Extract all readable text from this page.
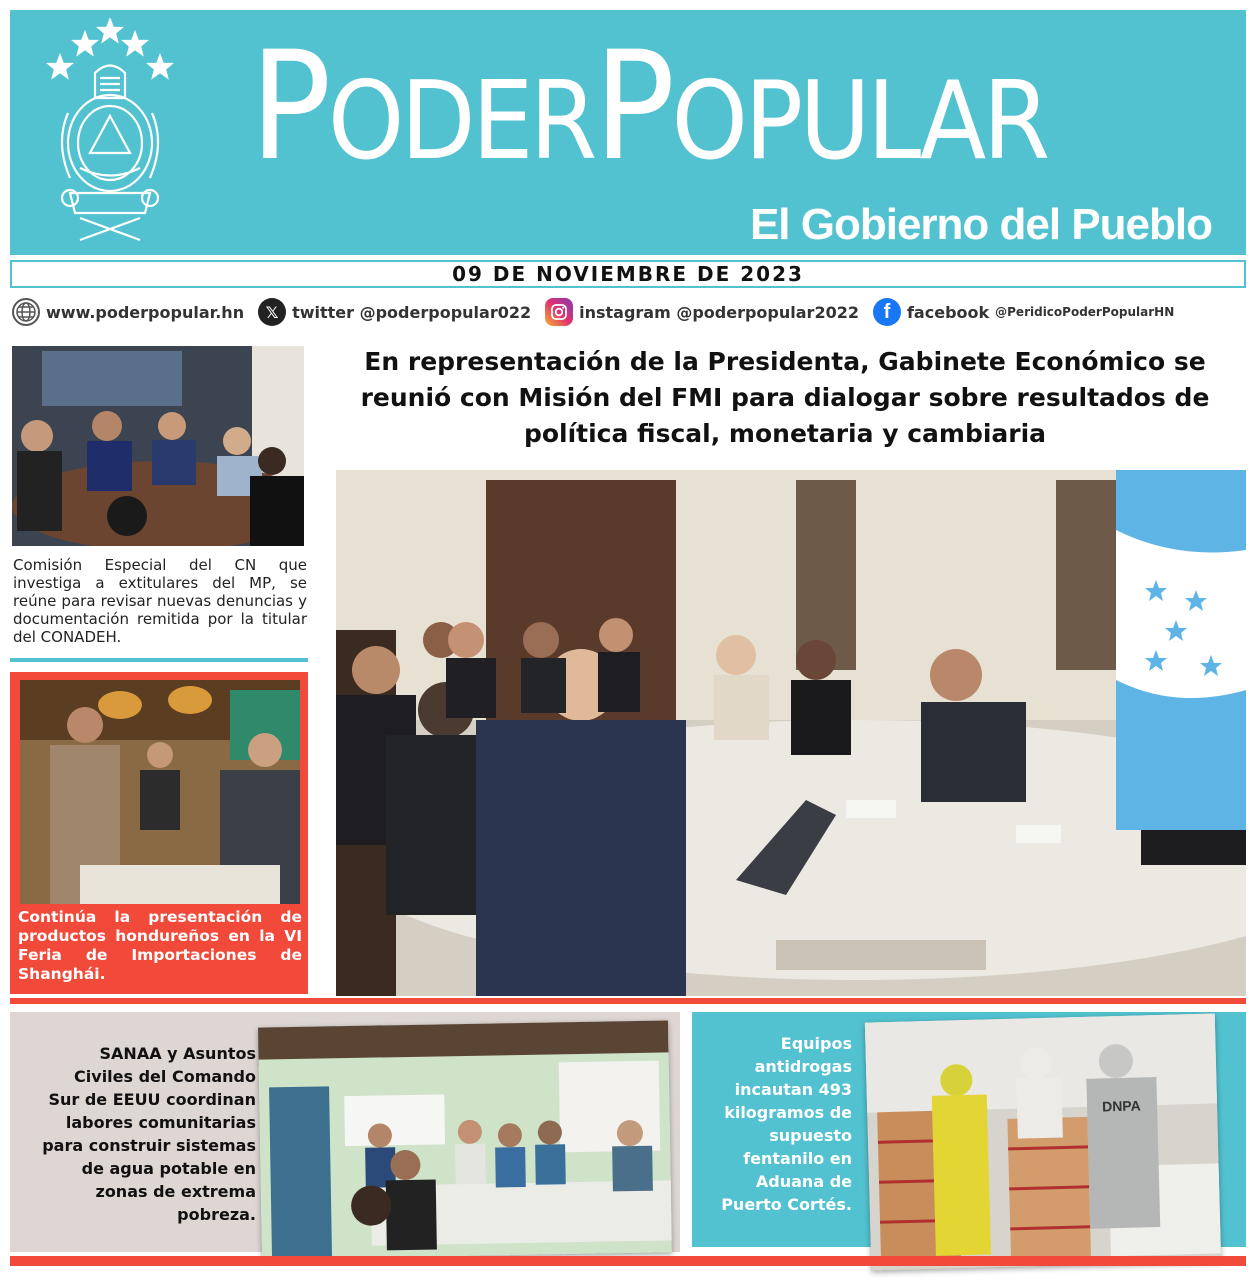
PODERPOPULAR
El Gobierno del Pueblo
09 DE NOVIEMBRE DE 2023
www.poderpopular.hn	𝕏 twitter @poderpopular022	instagram @poderpopular2022	f	facebook @PeridicoPoderPopularHN
Comisión Especial del CN que investiga a extitulares del MP, se reúne para revisar nuevas denuncias y documentación remitida por la titular del CONADEH.
Continúa la presentación de productos hondureños en la VI Feria de Importaciones de Shanghái.
En representación de la Presidenta, Gabinete Económico se reunió con Misión del FMI para dialogar sobre resultados de política fiscal, monetaria y cambiaria
SANAA y Asuntos Civiles del Comando Sur de EEUU coordinan labores comunitarias para construir sistemas de agua potable en zonas de extrema pobreza.
Equipos antidrogas incautan 493 kilogramos de supuesto fentanilo en Aduana de Puerto Cortés.
DNPA
